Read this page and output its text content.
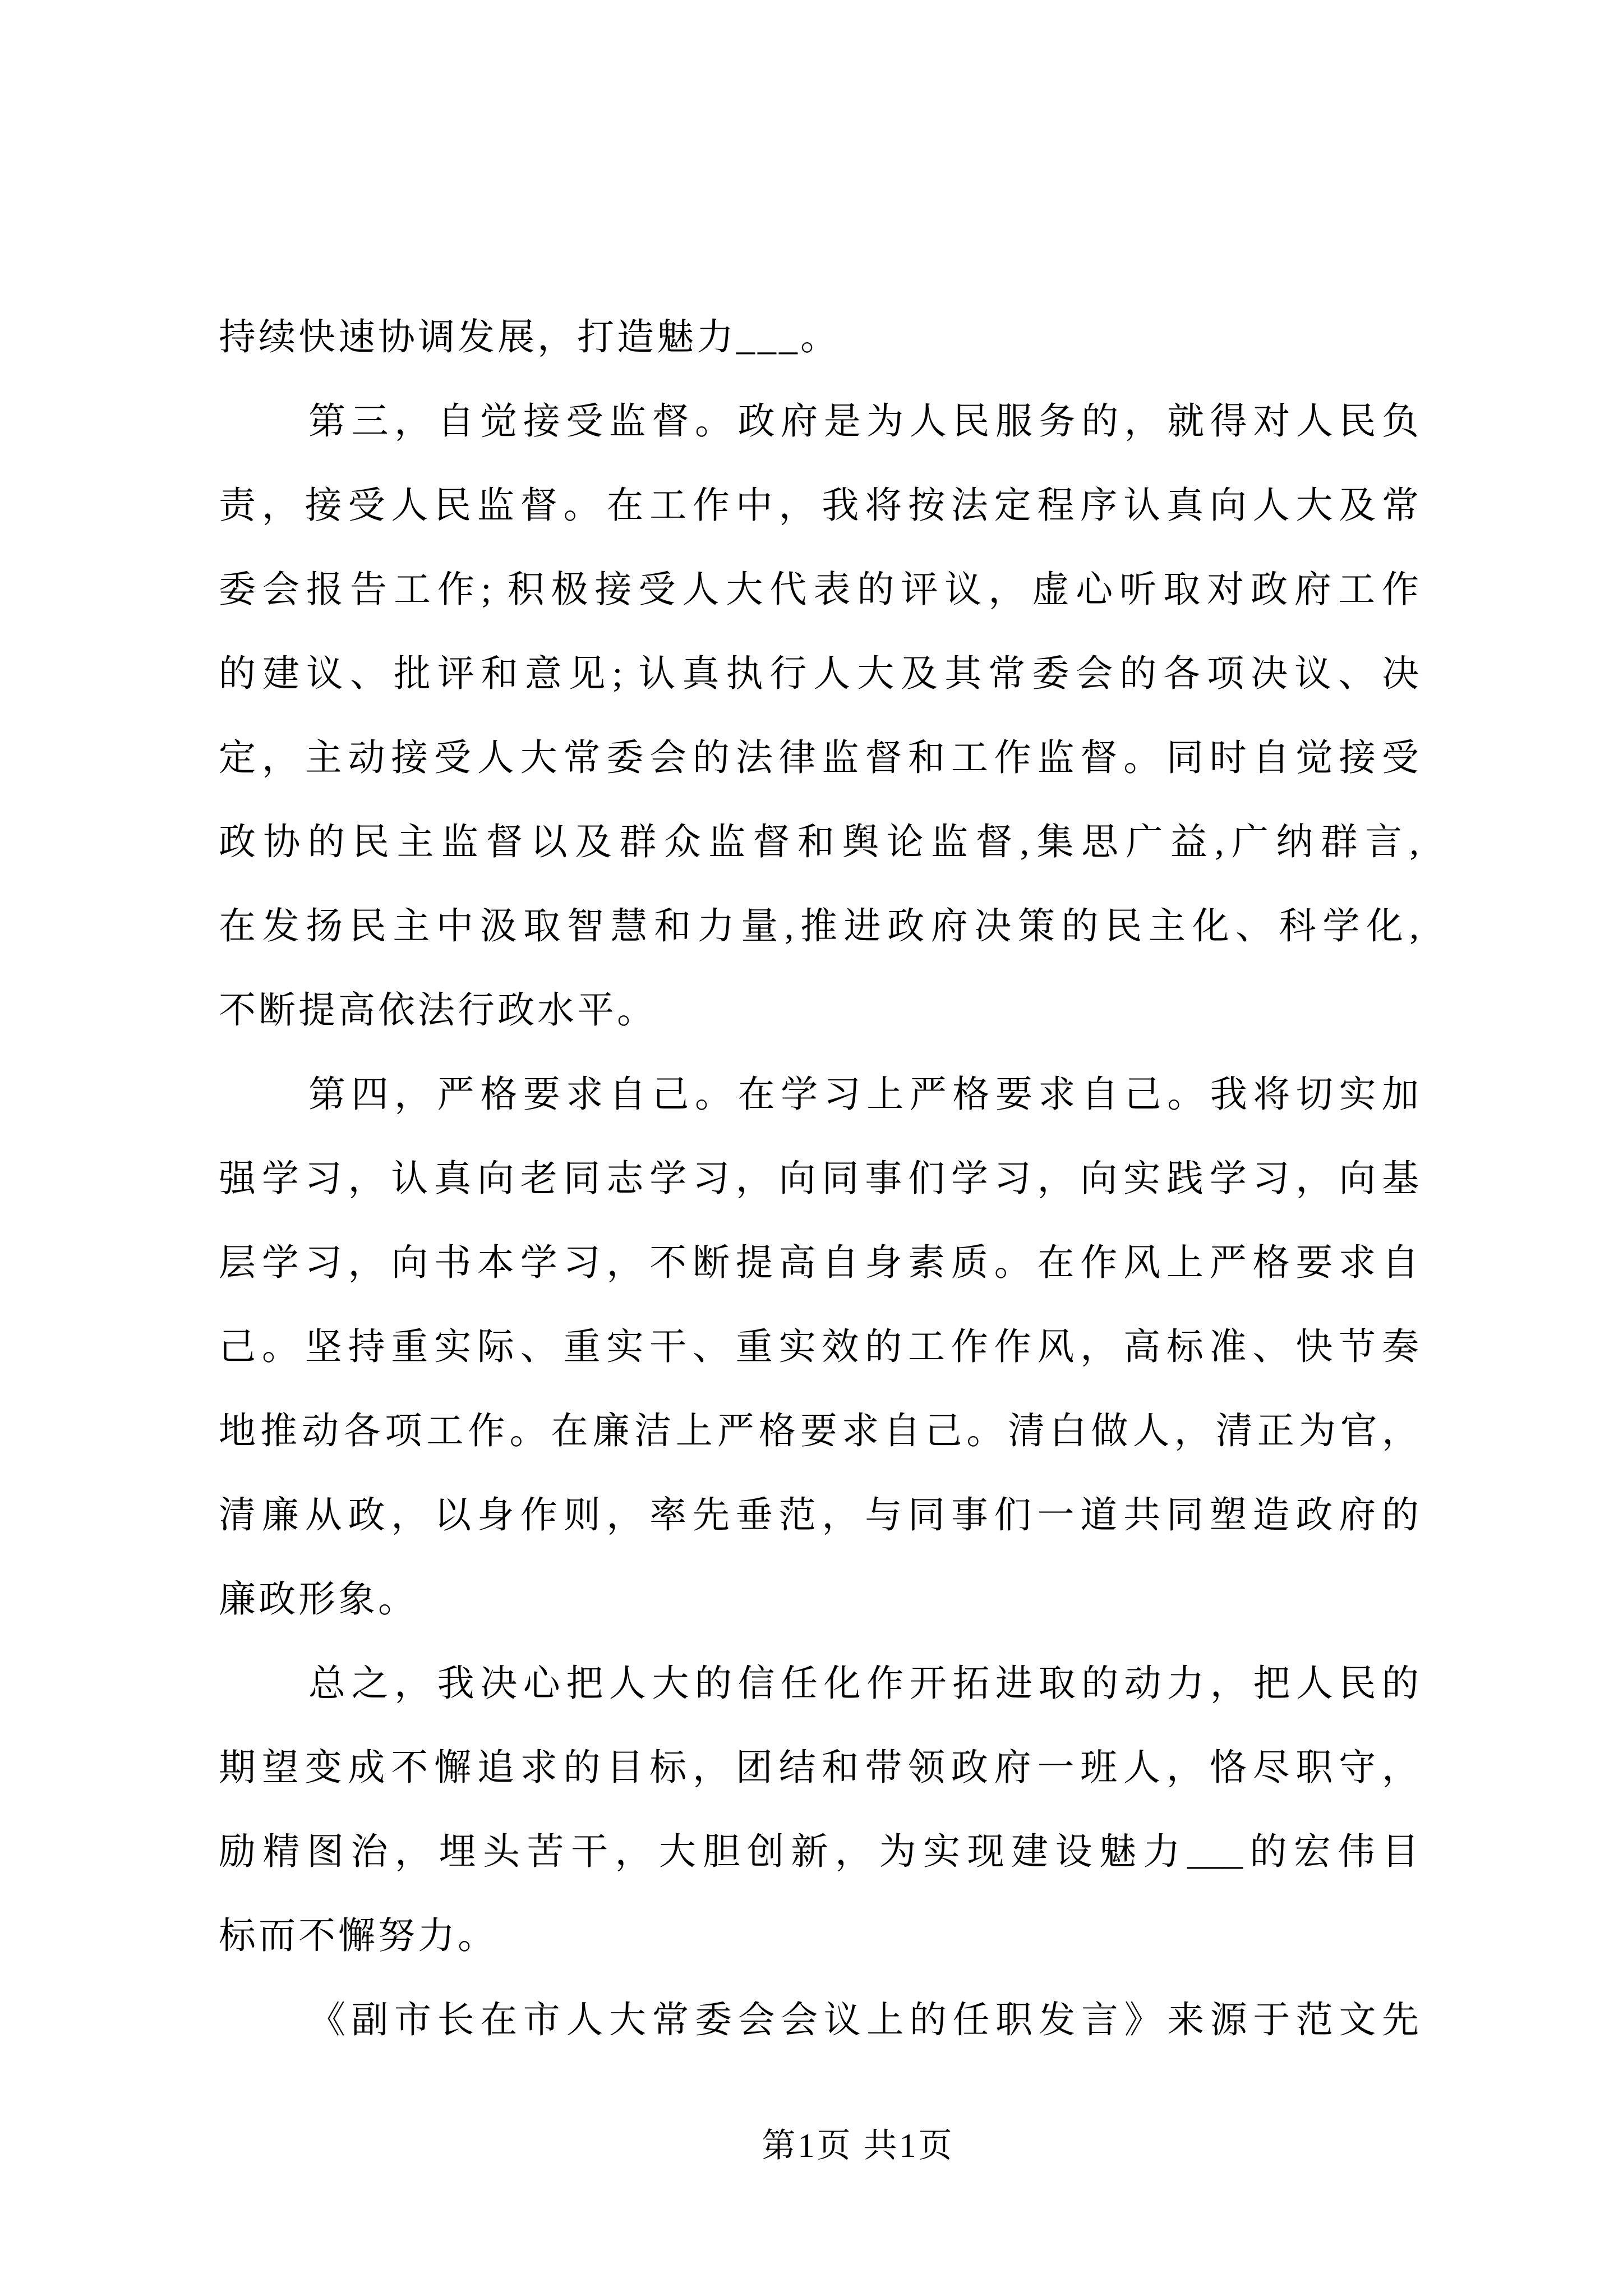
持续快速协调发展，打造魅力___。
第三，自觉接受监督。政府是为人民服务的，就得对人民负
责，接受人民监督。在工作中，我将按法定程序认真向人大及常
委会报告工作; 积极接受人大代表的评议，虚心听取对政府工作
的建议、批评和意见; 认真执行人大及其常委会的各项决议、决
定，主动接受人大常委会的法律监督和工作监督。同时自觉接受
政协的民主监督以及群众监督和舆论监督,集思广益,广纳群言,
在发扬民主中汲取智慧和力量,推进政府决策的民主化、科学化,
不断提高依法行政水平。
第四，严格要求自己。在学习上严格要求自己。我将切实加
强学习，认真向老同志学习，向同事们学习，向实践学习，向基
层学习，向书本学习，不断提高自身素质。在作风上严格要求自
己。坚持重实际、重实干、重实效的工作作风，高标准、快节奏
地推动各项工作。在廉洁上严格要求自己。清白做人，清正为官，
清廉从政，以身作则，率先垂范，与同事们一道共同塑造政府的
廉政形象。
总之，我决心把人大的信任化作开拓进取的动力，把人民的
期望变成不懈追求的目标，团结和带领政府一班人，恪尽职守，
励精图治，埋头苦干，大胆创新，为实现建设魅力___的宏伟目
标而不懈努力。
《副市长在市人大常委会会议上的任职发言》来源于范文先
第1页 共1页
